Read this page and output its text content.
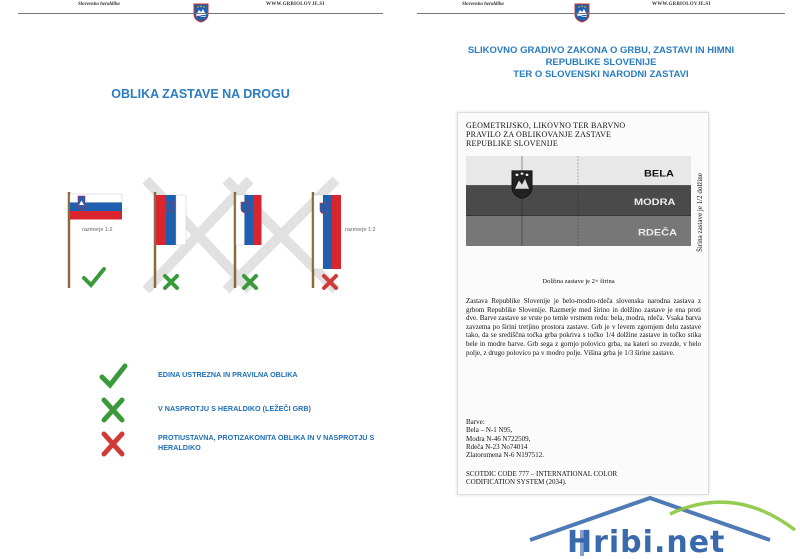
Slovenska heraldika	WWW.GRBIOLOVJE.SI
OBLIKA ZASTAVE NA DROGU
razmerje 1:2	razmerje 1:2
EDINA USTREZNA IN PRAVILNA OBLIKA
V NASPROTJU S HERALDIKO (LEŽEČI GRB)
PROTIUSTAVNA, PROTIZAKONITA OBLIKA IN V NASPROTJU S HERALDIKO
Slovenska heraldika	WWW.GRBIOLOVJE.SI
SLIKOVNO GRADIVO ZAKONA O GRBU, ZASTAVI IN HIMNI
REPUBLIKE SLOVENIJE
TER O SLOVENSKI NARODNI ZASTAVI
GEOMETRIJSKO, LIKOVNO TER BARVNO
PRAVILO ZA OBLIKOVANJE ZASTAVE
REPUBLIKE SLOVENIJE
BELA
MODRA
RDEČA	Širina zastave je 1/2 dolžine
Dolžina zastave je 2× širina
Zastava Republike Slovenije je belo-modro-rdeča slovenska narodna zastava z grbom Republike Slovenije. Razmerje med širino in dolžino zastave je ena proti dve. Barve zastave se vrste po temle vrstnem redu: bela, modra, rdeča. Vsaka barva zavzema po širini tretjino prostora zastave. Grb je v levem zgornjem delu zastave tako, da se središčna točka grba pokriva s točko 1/4 dolžine zastave in točko stika bele in modre barve. Grb sega z gornjo polovico grba, na kateri so zvezde, v belo polje, z drugo polovico pa v modro polje. Višina grba je 1/3 širine zastave.
Barve:
Bela – N-1 N95,
Modra N-46 N722509,
Rdeča N-23 No74014
Zlatorumena N-6 N197512.
SCOTDIC CODE 777 – INTERNATIONAL COLOR
CODIFICATION SYSTEM (2034).
Hribi.net
